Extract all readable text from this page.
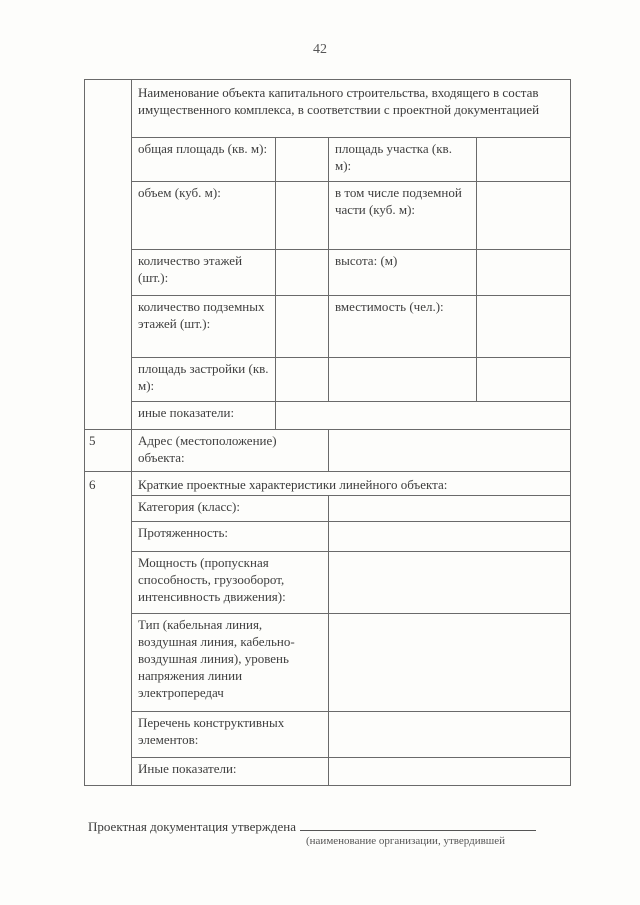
42
	Наименование объекта капитального строительства, входящего в состав имущественного комплекса, в соответствии с проектной документацией			
	общая площадь (кв. м):		площадь участка (кв. м):	
	объем (куб. м):		в том числе подземной части (куб. м):	
	количество этажей (шт.):		высота: (м)	
	количество подземных этажей (шт.):		вместимость (чел.):	
	площадь застройки (кв. м):			
	иные показатели:			
5	Адрес (местоположение) объекта:			
6	Краткие проектные характеристики линейного объекта:			
	Категория (класс):			
	Протяженность:			
	Мощность (пропускная способность, грузооборот, интенсивность движения):			
	Тип (кабельная линия, воздушная линия, кабельно-воздушная линия), уровень напряжения линии электропередач			
	Перечень конструктивных элементов:			
	Иные показатели:			
Проектная документация утверждена
(наименование организации, утвердившей
